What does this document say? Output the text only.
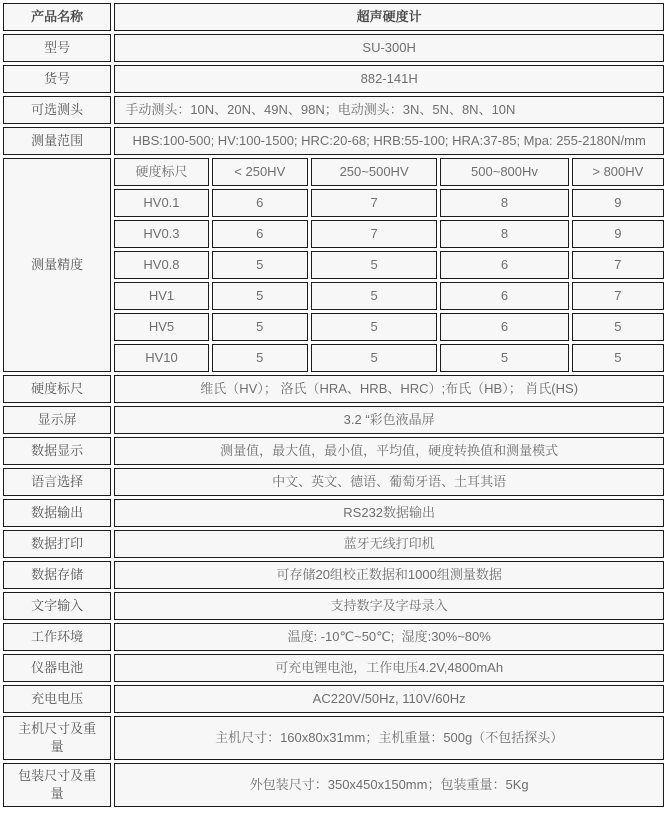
产品名称	超声硬度计				
型号	SU-300H				
货号	882-141H				
可选测头	手动测头：10N、20N、49N、98N；电动测头：3N、5N、8N、10N				
测量范围	HBS:100-500; HV:100-1500; HRC:20-68; HRB:55-100; HRA:37-85; Mpa: 255-2180N/mm				
测量精度	硬度标尺	< 250HV	250~500HV	500~800Hv	> 800HV
	HV0.1	6	7	8	9
	HV0.3	6	7	8	9
	HV0.8	5	5	6	7
	HV1	5	5	6	7
	HV5	5	5	6	5
	HV10	5	5	5	5
硬度标尺	维氏（HV）； 洛氏（HRA、HRB、HRC）;布氏（HB）； 肖氏(HS)				
显示屏	3.2 “彩色液晶屏				
数据显示	测量值，最大值，最小值，平均值，硬度转换值和测量模式				
语言选择	中文、英文、德语、葡萄牙语、土耳其语				
数据输出	RS232数据输出				
数据打印	蓝牙无线打印机				
数据存储	可存储20组校正数据和1000组测量数据				
文字输入	支持数字及字母录入				
工作环境	温度: -10℃~50℃;  湿度:30%~80%				
仪器电池	可充电锂电池，工作电压4.2V,4800mAh				
充电电压	AC220V/50Hz, 110V/60Hz				
主机尺寸及重量	主机尺寸：160x80x31mm；主机重量：500g（不包括探头）				
包装尺寸及重量	外包装尺寸：350x450x150mm；包装重量：5Kg				
